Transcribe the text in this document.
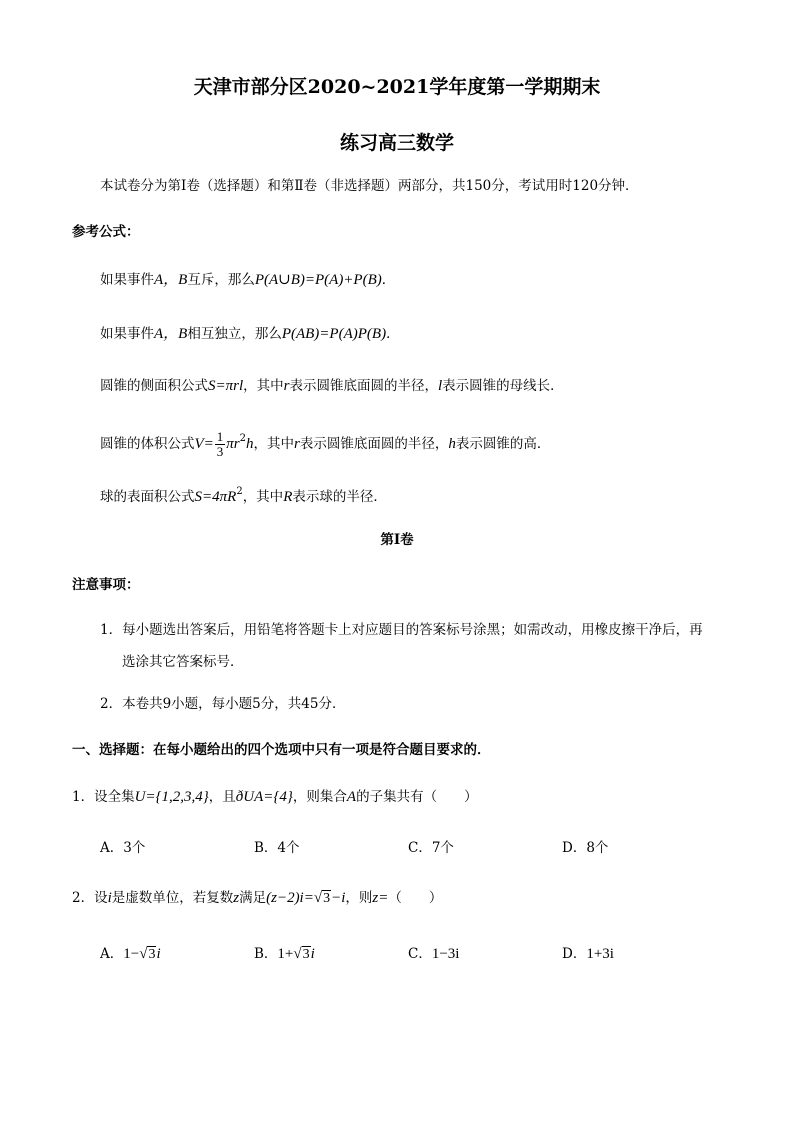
天津市部分区2020~2021学年度第一学期期末
练习高三数学
本试卷分为第Ⅰ卷（选择题）和第Ⅱ卷（非选择题）两部分，共150分，考试用时120分钟．
参考公式：
如果事件A，B互斥，那么P(A∪B)=P(A)+P(B)．
如果事件A，B相互独立，那么P(AB)=P(A)P(B)．
圆锥的侧面积公式S=πrl，其中r表示圆锥底面圆的半径，l表示圆锥的母线长．
圆锥的体积公式$V= \frac{1}{3} \pi r^2h$，其中r表示圆锥底面圆的半径，h表示圆锥的高．
球的表面积公式$S=4\pi R^2$，其中R表示球的半径．
第Ⅰ卷
注意事项：
1．每小题选出答案后，用铅笔将答题卡上对应题目的答案标号涂黑；如需改动，用橡皮擦干净后，再
选涂其它答案标号．
2．本卷共9小题，每小题5分，共45分．
一、选择题：在每小题给出的四个选项中只有一项是符合题目要求的．
1．设全集U={1,2,3,4}，且ðUA={4}，则集合A的子集共有（　　）
A．3个	B．4个	C．7个	D．8个
2．设i是虚数单位，若复数z满足(z−2)i=√3−i，则z=（　　）
A．1−√3i	B．1+√3i	C．1−3i	D．1+3i
